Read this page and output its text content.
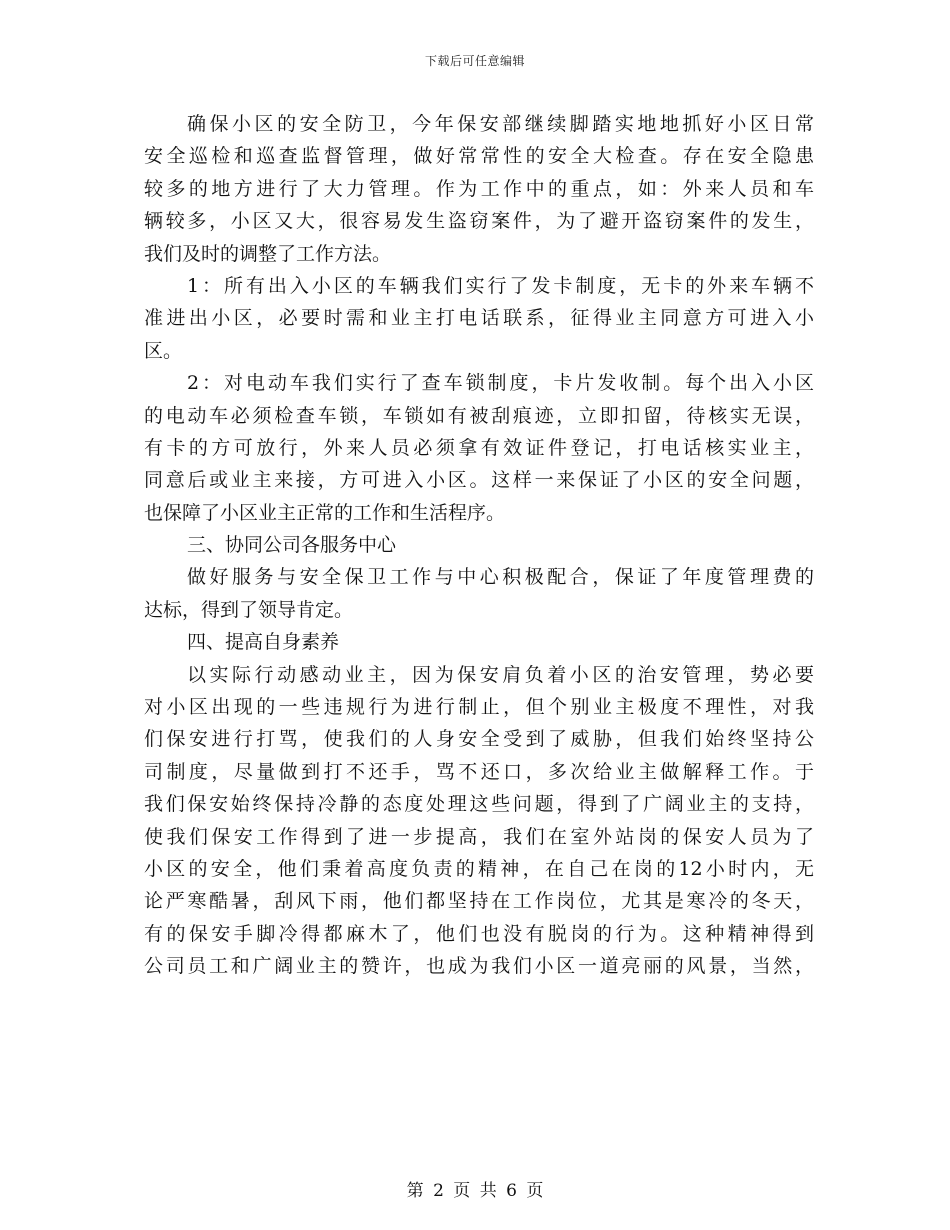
下载后可任意编辑
确保小区的安全防卫，今年保安部继续脚踏实地地抓好小区日常
安全巡检和巡查监督管理，做好常常性的安全大检查。存在安全隐患
较多的地方进行了大力管理。作为工作中的重点，如：外来人员和车
辆较多，小区又大，很容易发生盗窃案件，为了避开盗窃案件的发生，
我们及时的调整了工作方法。
1：所有出入小区的车辆我们实行了发卡制度，无卡的外来车辆不
准进出小区，必要时需和业主打电话联系，征得业主同意方可进入小
区。
2：对电动车我们实行了查车锁制度，卡片发收制。每个出入小区
的电动车必须检查车锁，车锁如有被刮痕迹，立即扣留，待核实无误，
有卡的方可放行，外来人员必须拿有效证件登记，打电话核实业主，
同意后或业主来接，方可进入小区。这样一来保证了小区的安全问题，
也保障了小区业主正常的工作和生活程序。
三、协同公司各服务中心
做好服务与安全保卫工作与中心积极配合，保证了年度管理费的
达标，得到了领导肯定。
四、提高自身素养
以实际行动感动业主，因为保安肩负着小区的治安管理，势必要
对小区出现的一些违规行为进行制止，但个别业主极度不理性，对我
们保安进行打骂，使我们的人身安全受到了威胁，但我们始终坚持公
司制度，尽量做到打不还手，骂不还口，多次给业主做解释工作。于
我们保安始终保持冷静的态度处理这些问题，得到了广阔业主的支持，
使我们保安工作得到了进一步提高，我们在室外站岗的保安人员为了
小区的安全，他们秉着高度负责的精神，在自己在岗的12小时内，无
论严寒酷暑，刮风下雨，他们都坚持在工作岗位，尤其是寒冷的冬天，
有的保安手脚冷得都麻木了，他们也没有脱岗的行为。这种精神得到
公司员工和广阔业主的赞许，也成为我们小区一道亮丽的风景，当然，
第 2 页 共 6 页
